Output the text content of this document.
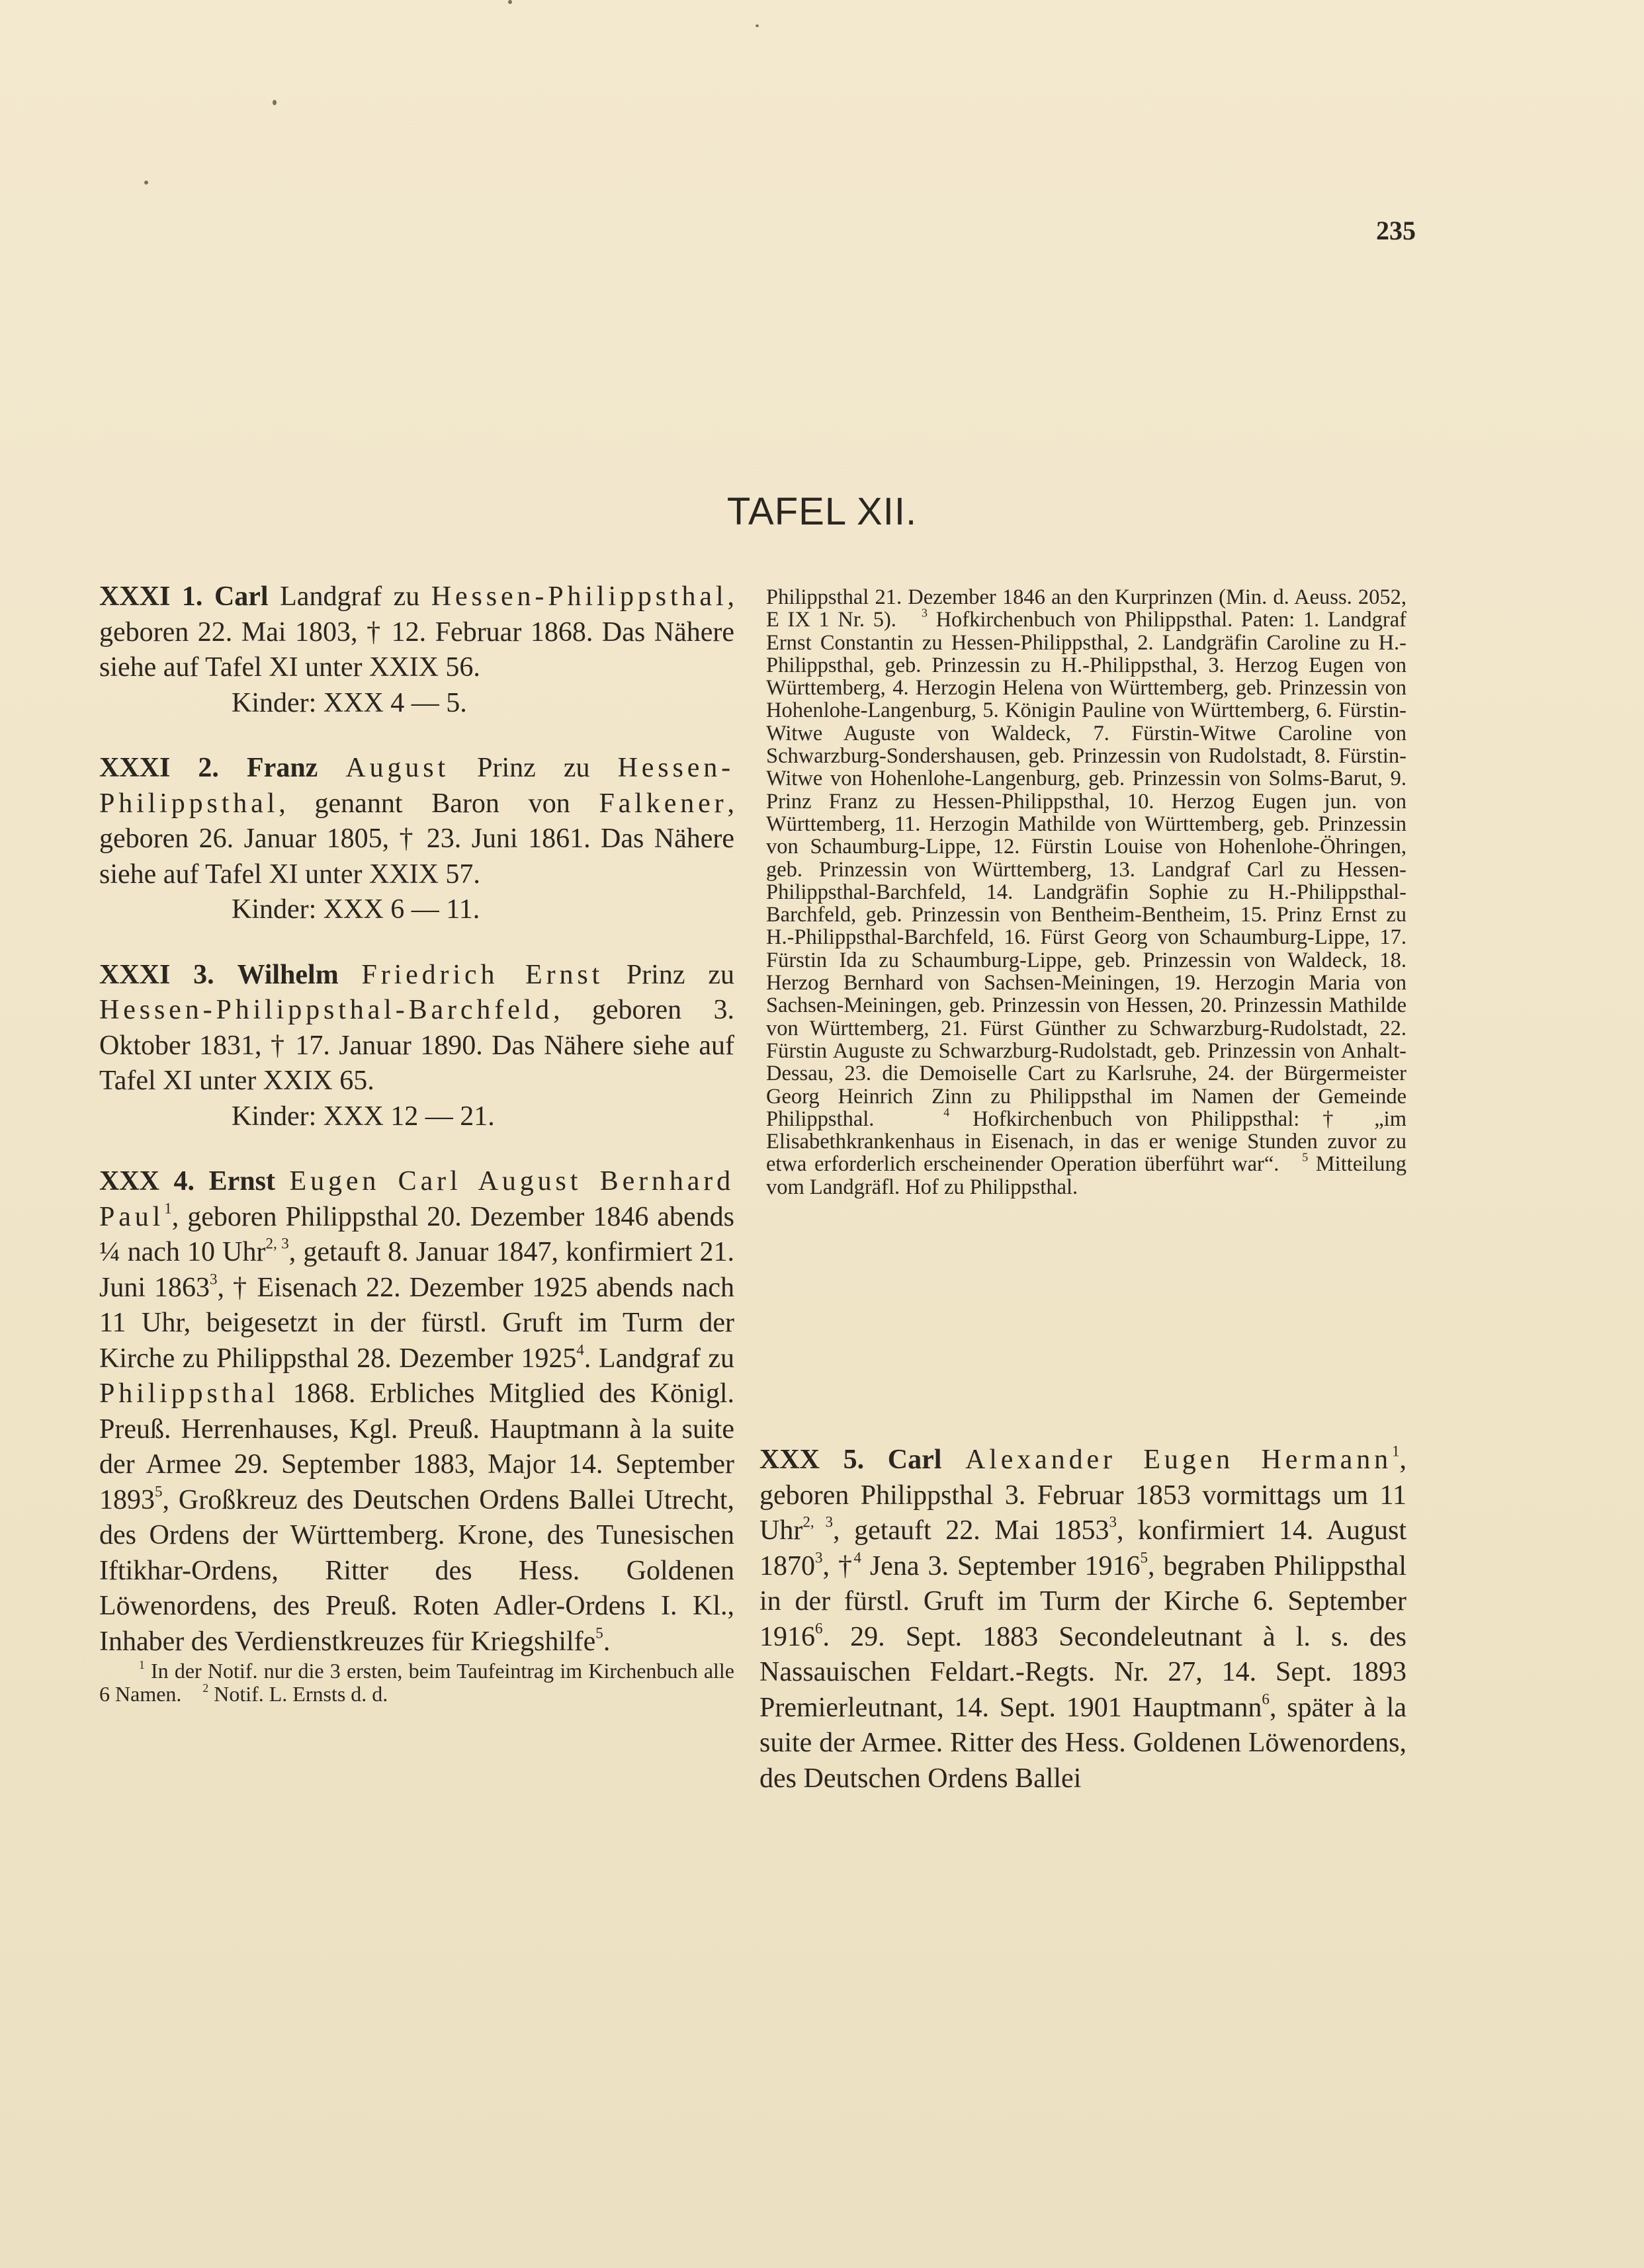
235
TAFEL XII.

XXXI 1. Carl Landgraf zu Hessen-Philippsthal, geboren 22. Mai 1803, † 12. Februar 1868. Das Nähere siehe auf Tafel XI unter XXIX 56.

Kinder: XXX 4 — 5.

XXXI 2. Franz August Prinz zu Hessen-Philippsthal, genannt Baron von Falkener, geboren 26. Januar 1805, † 23. Juni 1861. Das Nähere siehe auf Tafel XI unter XXIX 57.

Kinder: XXX 6 — 11.

XXXI 3. Wilhelm Friedrich Ernst Prinz zu Hessen-Philippsthal-Barchfeld, geboren 3. Oktober 1831, † 17. Januar 1890. Das Nähere siehe auf Tafel XI unter XXIX 65.

Kinder: XXX 12 — 21.

XXX 4. Ernst Eugen Carl August Bernhard Paul$^1$, geboren Philippsthal 20. Dezember 1846 abends ¼ nach 10 Uhr$^{2, 3}$, getauft 8. Januar 1847, konfirmiert 21. Juni 1863$^3$, † Eisenach 22. Dezember 1925 abends nach 11 Uhr, beigesetzt in der fürstl. Gruft im Turm der Kirche zu Philippsthal 28. Dezember 1925$^4$. Landgraf zu Philippsthal 1868. Erbliches Mitglied des Königl. Preuß. Herrenhauses, Kgl. Preuß. Hauptmann à la suite der Armee 29. September 1883, Major 14. September 1893$^5$, Großkreuz des Deutschen Ordens Ballei Utrecht, des Ordens der Württemberg. Krone, des Tunesischen Iftikhar-Ordens, Ritter des Hess. Goldenen Löwenordens, des Preuß. Roten Adler-Ordens I. Kl., Inhaber des Verdienstkreuzes für Kriegshilfe$^5$.

$^1$ In der Notif. nur die 3 ersten, beim Taufeintrag im Kirchenbuch alle 6 Namen. $^2$ Notif. L. Ernsts d. d.

Philippsthal 21. Dezember 1846 an den Kurprinzen (Min. d. Aeuss. 2052, E IX 1 Nr. 5). $^3$ Hofkirchenbuch von Philippsthal. Paten: 1. Landgraf Ernst Constantin zu Hessen-Philippsthal, 2. Landgräfin Caroline zu H.-Philippsthal, geb. Prinzessin zu H.-Philippsthal, 3. Herzog Eugen von Württemberg, 4. Herzogin Helena von Württemberg, geb. Prinzessin von Hohenlohe-Langenburg, 5. Königin Pauline von Württemberg, 6. Fürstin-Witwe Auguste von Waldeck, 7. Fürstin-Witwe Caroline von Schwarzburg-Sondershausen, geb. Prinzessin von Rudolstadt, 8. Fürstin-Witwe von Hohenlohe-Langenburg, geb. Prinzessin von Solms-Barut, 9. Prinz Franz zu Hessen-Philippsthal, 10. Herzog Eugen jun. von Württemberg, 11. Herzogin Mathilde von Württemberg, geb. Prinzessin von Schaumburg-Lippe, 12. Fürstin Louise von Hohenlohe-Öhringen, geb. Prinzessin von Württemberg, 13. Landgraf Carl zu Hessen-Philippsthal-Barchfeld, 14. Landgräfin Sophie zu H.-Philippsthal-Barchfeld, geb. Prinzessin von Bentheim-Bentheim, 15. Prinz Ernst zu H.-Philippsthal-Barchfeld, 16. Fürst Georg von Schaumburg-Lippe, 17. Fürstin Ida zu Schaumburg-Lippe, geb. Prinzessin von Waldeck, 18. Herzog Bernhard von Sachsen-Meiningen, 19. Herzogin Maria von Sachsen-Meiningen, geb. Prinzessin von Hessen, 20. Prinzessin Mathilde von Württemberg, 21. Fürst Günther zu Schwarzburg-Rudolstadt, 22. Fürstin Auguste zu Schwarzburg-Rudolstadt, geb. Prinzessin von Anhalt-Dessau, 23. die Demoiselle Cart zu Karlsruhe, 24. der Bürgermeister Georg Heinrich Zinn zu Philippsthal im Namen der Gemeinde Philippsthal.	$^4$ Hofkirchenbuch von Philippsthal: † „im Elisabethkrankenhaus in Eisenach, in das er wenige Stunden zuvor zu etwa erforderlich erscheinender Operation überführt war“. $^5$ Mitteilung vom Landgräfl. Hof zu Philippsthal.

XXX 5. Carl Alexander Eugen Hermann$^1$, geboren Philippsthal 3. Februar 1853 vormittags um 11 Uhr$^{2, 3}$, getauft 22. Mai 1853$^3$, konfirmiert 14. August 1870$^3$, †$^4$ Jena 3. September 1916$^5$, begraben Philippsthal in der fürstl. Gruft im Turm der Kirche 6. September 1916$^6$. 29. Sept. 1883 Secondeleutnant à l. s. des Nassauischen Feldart.-Regts. Nr. 27, 14. Sept. 1893 Premierleutnant, 14. Sept. 1901 Hauptmann$^6$, später à la suite der Armee. Ritter des Hess. Goldenen Löwenordens, des Deutschen Ordens Ballei
